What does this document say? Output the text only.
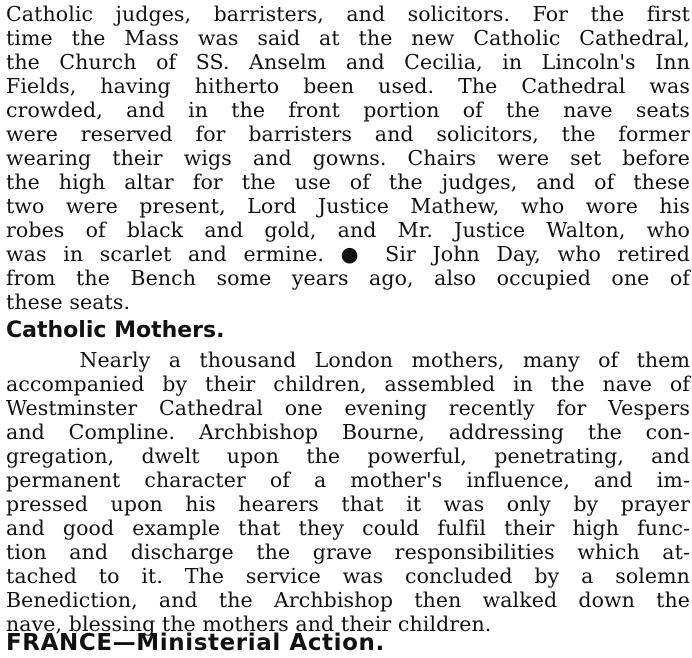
Catholic judges, barristers, and solicitors. For the first
time the Mass was said at the new Catholic Cathedral,
the Church of SS. Anselm and Cecilia, in Lincoln's Inn
Fields, having hitherto been used. The Cathedral was
crowded, and in the front portion of the nave seats
were reserved for barristers and solicitors, the former
wearing their wigs and gowns. Chairs were set before
the high altar for the use of the judges, and of these
two were present, Lord Justice Mathew, who wore his
robes of black and gold, and Mr. Justice Walton, who
was in scarlet and ermine. ● Sir John Day, who retired
from the Bench some years ago, also occupied one of
these seats.
Catholic Mothers.
Nearly a thousand London mothers, many of them
accompanied by their children, assembled in the nave of
Westminster Cathedral one evening recently for Vespers
and Compline. Archbishop Bourne, addressing the con-
gregation, dwelt upon the powerful, penetrating, and
permanent character of a mother's influence, and im-
pressed upon his hearers that it was only by prayer
and good example that they could fulfil their high func-
tion and discharge the grave responsibilities which at-
tached to it. The service was concluded by a solemn
Benediction, and the Archbishop then walked down the
nave, blessing the mothers and their children.
FRANCE—Ministerial Action.
